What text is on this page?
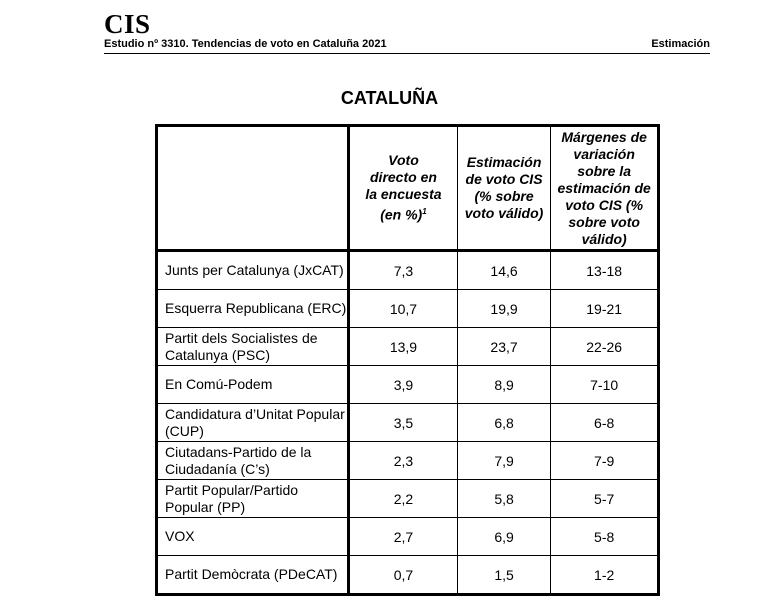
CIS
Estudio nº 3310. Tendencias de voto en Cataluña 2021	Estimación
CATALUÑA

	Voto directo en la encuesta (en %)$^1$	Estimación de voto CIS (% sobre voto válido)	Márgenes de variación sobre la estimación de voto CIS (% sobre voto válido)

Junts per Catalunya (JxCAT)	7,3	14,6	13-18
Esquerra Republicana (ERC)	10,7	19,9	19-21
Partit dels Socialistes de Catalunya (PSC)	13,9	23,7	22-26
En Comú-Podem	3,9	8,9	7-10
Candidatura d’Unitat Popular (CUP)	3,5	6,8	6-8
Ciutadans-Partido de la Ciudadanía (C’s)	2,3	7,9	7-9
Partit Popular/Partido Popular (PP)	2,2	5,8	5-7
VOX	2,7	6,9	5-8
Partit Demòcrata (PDeCAT)	0,7	1,5	1-2
